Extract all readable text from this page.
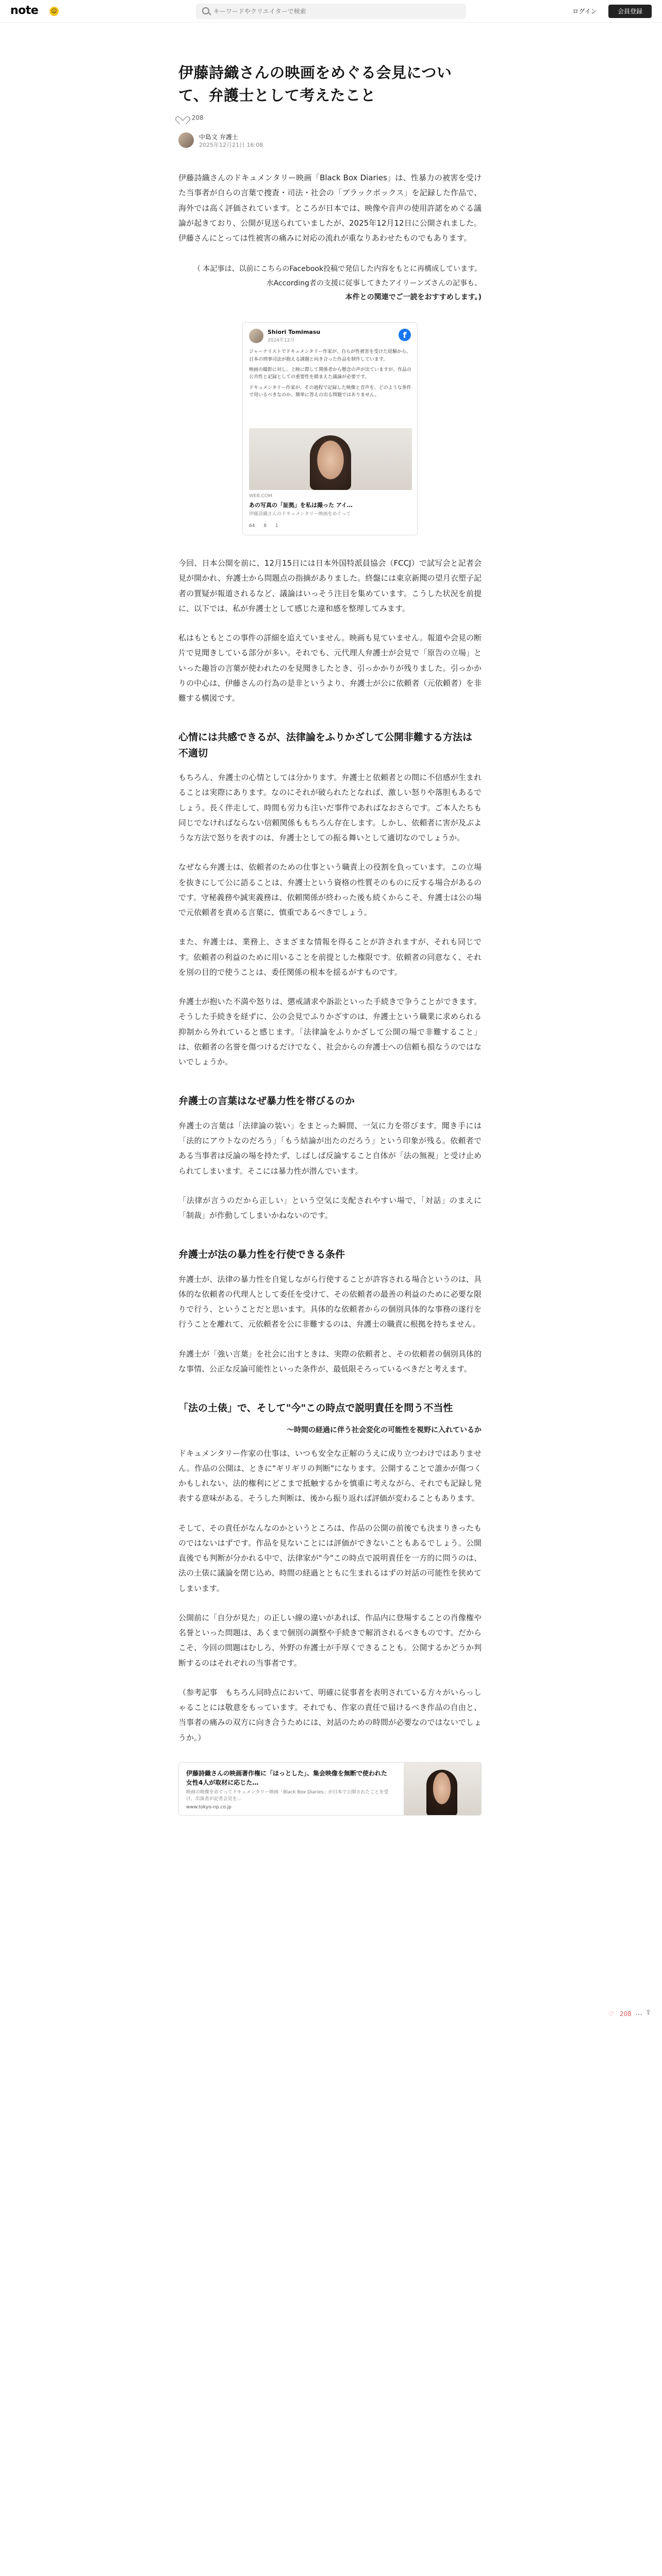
note ☺
キーワードやクリエイターで検索	ログイン	会員登録
伊藤詩織さんの映画をめぐる会見について、弁護士として考えたこと
208
中島文 弁護士
2025年12月21日 16:08

伊藤詩織さんのドキュメンタリー映画「Black Box Diaries」は、性暴力の被害を受けた当事者が自らの言葉で捜査・司法・社会の「ブラックボックス」を記録した作品で、海外では高く評価されています。ところが日本では、映像や音声の使用許諾をめぐる議論が起きており、公開が見送られていましたが、2025年12月12日に公開されました。伊藤さんにとっては性被害の痛みに対応の流れが重なりあわせたものでもあります。

（ 本記事は、以前にこちらのFacebook投稿で発信した内容をもとに再構成しています。

水According者の支援に従事してきたアイリーンズさんの記事も、

本件との関連でご一読をおすすめします。)

Shiori Tomimasu
2024年12月
f

ジャーナリストでドキュメンタリー作家が、自らが性被害を受けた経験から、日本の刑事司法が抱える課題と向き合った作品を制作しています。

映画の撮影に対し、上映に際して関係者から懸念の声が出ていますが、作品の公共性と記録としての重要性を踏まえた議論が必要です。

ドキュメンタリー作家が、その過程で記録した映像と音声を、どのような条件で用いるべきなのか。簡単に答えの出る問題ではありません。

WEB.COM
あの写真の「証拠」を私は撮った アイ…
伊藤詩織さんのドキュメンタリー映画をめぐって
64 8 1

今回、日本公開を前に、12月15日には日本外国特派員協会（FCCJ）で試写会と記者会見が開かれ、弁護士から問題点の指摘がありました。終盤には東京新聞の望月衣塑子記者の質疑が報道されるなど、議論はいっそう注目を集めています。こうした状況を前提に、以下では、私が弁護士として感じた違和感を整理してみます。

私はもともとこの事件の詳細を追えていません。映画も見ていません。報道や会見の断片で見聞きしている部分が多い。それでも、元代理人弁護士が会見で「原告の立場」といった趣旨の言葉が使われたのを見聞きしたとき、引っかかりが残りました。引っかかりの中心は、伊藤さんの行為の是非というより、弁護士が公に依頼者（元依頼者）を非難する構図です。

心情には共感できるが、法律論をふりかざして公開非難する方法は不適切

もちろん、弁護士の心情としては分かります。弁護士と依頼者との間に不信感が生まれることは実際にあります。なのにそれが破られたとなれば、激しい怒りや落胆もあるでしょう。長く伴走して、時間も労力も注いだ事件であればなおさらです。ご本人たちも同じでなければならない信頼関係ももちろん存在します。しかし、依頼者に害が及ぶような方法で怒りを表すのは、弁護士としての振る舞いとして適切なのでしょうか。

なぜなら弁護士は、依頼者のための仕事という職責上の役割を負っています。この立場を抜きにして公に語ることは、弁護士という資格の性質そのものに反する場合があるのです。守秘義務や誠実義務は、依頼関係が終わった後も続くからこそ、弁護士は公の場で元依頼者を責める言葉に、慎重であるべきでしょう。

また、弁護士は、業務上、さまざまな情報を得ることが許されますが、それも同じです。依頼者の利益のために用いることを前提とした権限です。依頼者の同意なく、それを別の目的で使うことは、委任関係の根本を揺るがすものです。

弁護士が抱いた不満や怒りは、懲戒請求や訴訟といった手続きで争うことができます。そうした手続きを経ずに、公の会見でふりかざすのは、弁護士という職業に求められる抑制から外れていると感じます。「法律論をふりかざして公開の場で非難すること」は、依頼者の名誉を傷つけるだけでなく、社会からの弁護士への信頼も損なうのではないでしょうか。

弁護士の言葉はなぜ暴力性を帯びるのか

弁護士の言葉は「法律論の装い」をまとった瞬間、一気に力を帯びます。聞き手には「法的にアウトなのだろう」「もう結論が出たのだろう」という印象が残る。依頼者である当事者は反論の場を持たず、しばしば反論すること自体が「法の無視」と受け止められてしまいます。そこには暴力性が潜んでいます。

「法律が言うのだから正しい」という空気に支配されやすい場で、「対話」のまえに「制裁」が作動してしまいかねないのです。

弁護士が法の暴力性を行使できる条件

弁護士が、法律の暴力性を自覚しながら行使することが許容される場合というのは、具体的な依頼者の代理人として委任を受けて、その依頼者の最善の利益のために必要な限りで行う、ということだと思います。具体的な依頼者からの個別具体的な事務の遂行を行うことを離れて、元依頼者を公に非難するのは、弁護士の職責に根拠を持ちません。

弁護士が「強い言葉」を社会に出すときは、実際の依頼者と、その依頼者の個別具体的な事情、公正な反論可能性といった条件が、最低限そろっているべきだと考えます。

「法の土俵」で、そして"今"この時点で説明責任を問う不当性
〜時間の経過に伴う社会変化の可能性を視野に入れているか

ドキュメンタリー作家の仕事は、いつも安全な正解のうえに成り立つわけではありません。作品の公開は、ときに"ギリギリの判断"になります。公開することで誰かが傷つくかもしれない、法的権利にどこまで抵触するかを慎重に考えながら、それでも記録し発表する意味がある。そうした判断は、後から振り返れば評価が変わることもあります。

そして、その責任がなんなのかというところは、作品の公開の前後でも決まりきったものではないはずです。作品を見ないことには評価ができないこともあるでしょう。公開直後でも判断が分かれる中で、法律家が"今"この時点で説明責任を一方的に問うのは、法の土俵に議論を閉じ込め、時間の経過とともに生まれるはずの対話の可能性を狭めてしまいます。

公開前に「自分が見た」の正しい線の違いがあれば、作品内に登場することの肖像権や名誉といった問題は、あくまで個別の調整や手続きで解消されるべきものです。だからこそ、今回の問題はむしろ、外野の弁護士が手厚くできることも。公開するかどうか判断するのはそれぞれの当事者です。

（参考記事　もちろん同時点において、明確に従事者を表明されている方々がいらっしゃることには敬意をもっています。それでも、作家の責任で届けるべき作品の自由と、当事者の痛みの双方に向き合うためには、対話のための時間が必要なのではないでしょうか。）

伊藤詩織さんの映画著作権に「ほっとした」、集会映像を無断で使われた女性4人が取材に応じた…
映画の映像をめぐってドキュメンタリー映画「Black Box Diaries」が日本で公開されたことを受け、出演者が記者会見を…
www.tokyo-np.co.jp
♡ 208 … ⇪
